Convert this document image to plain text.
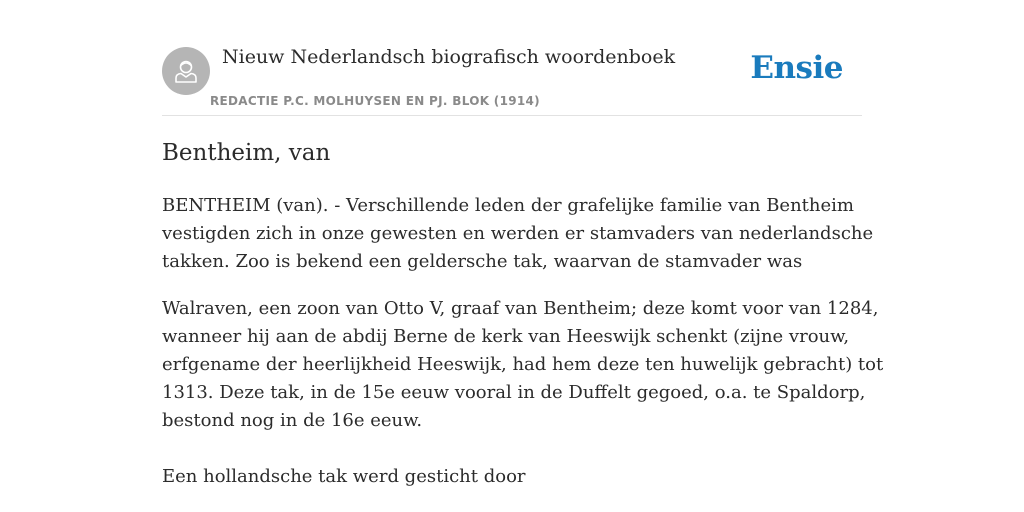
Nieuw Nederlandsch biografisch woordenboek
REDACTIE P.C. MOLHUYSEN EN PJ. BLOK (1914)
Ensie
Bentheim, van

BENTHEIM (van). - Verschillende leden der grafelijke familie van Bentheim
vestigden zich in onze gewesten en werden er stamvaders van nederlandsche
takken. Zoo is bekend een geldersche tak, waarvan de stamvader was

Walraven, een zoon van Otto V, graaf van Bentheim; deze komt voor van 1284,
wanneer hij aan de abdij Berne de kerk van Heeswijk schenkt (zijne vrouw,
erfgename der heerlijkheid Heeswijk, had hem deze ten huwelijk gebracht) tot
1313. Deze tak, in de 15e eeuw vooral in de Duffelt gegoed, o.a. te Spaldorp,
bestond nog in de 16e eeuw.

Een hollandsche tak werd gesticht door
